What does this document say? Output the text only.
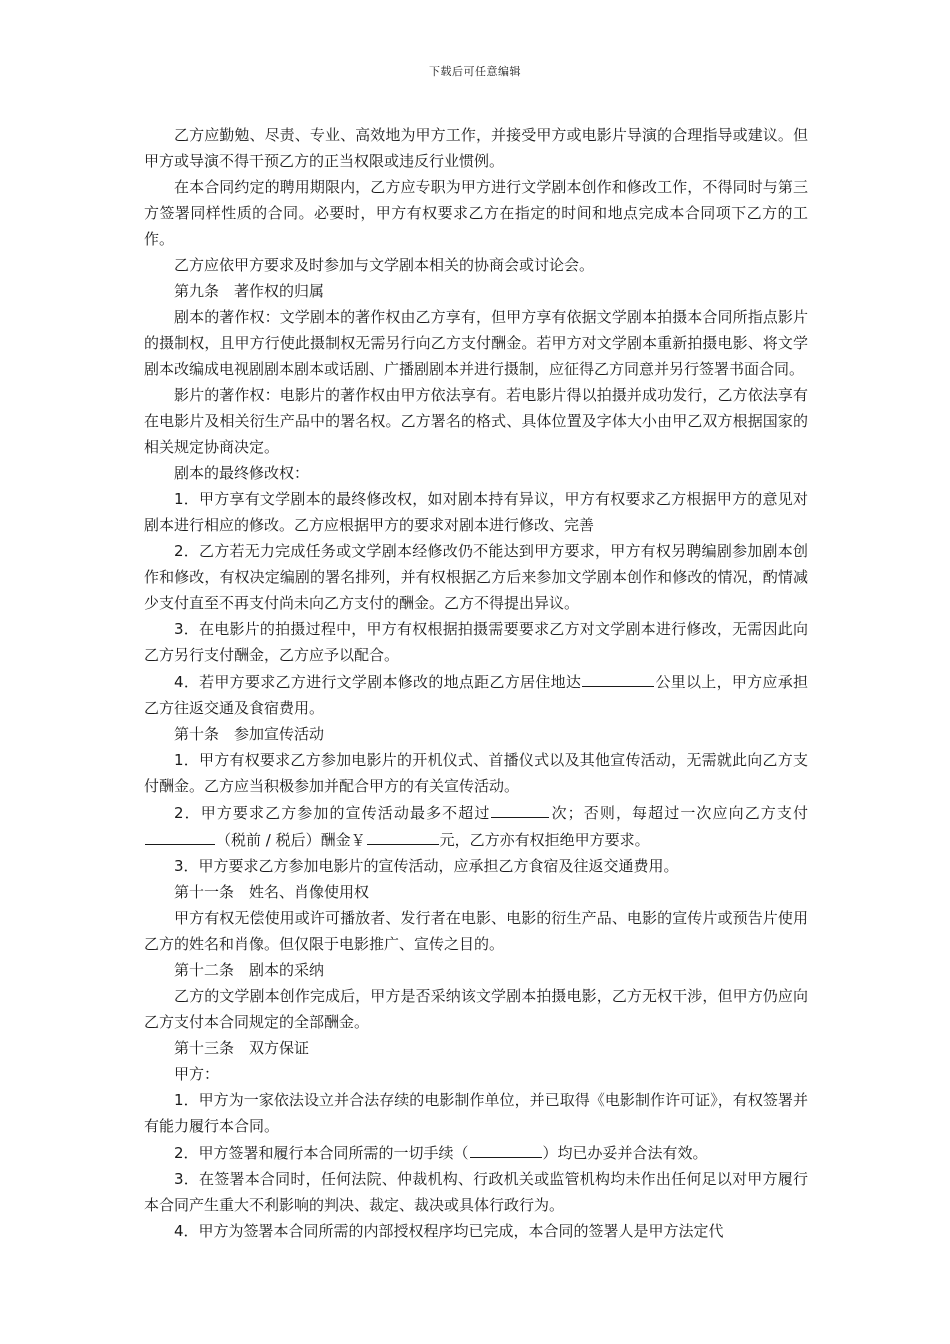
下载后可任意编辑

乙方应勤勉、尽责、专业、高效地为甲方工作，并接受甲方或电影片导演的合理指导或建议。但甲方或导演不得干预乙方的正当权限或违反行业惯例。

在本合同约定的聘用期限内，乙方应专职为甲方进行文学剧本创作和修改工作，不得同时与第三方签署同样性质的合同。必要时，甲方有权要求乙方在指定的时间和地点完成本合同项下乙方的工作。

乙方应依甲方要求及时参加与文学剧本相关的协商会或讨论会。

第九条　著作权的归属

剧本的著作权：文学剧本的著作权由乙方享有，但甲方享有依据文学剧本拍摄本合同所指点影片的摄制权，且甲方行使此摄制权无需另行向乙方支付酬金。若甲方对文学剧本重新拍摄电影、将文学剧本改编成电视剧剧本剧本或话剧、广播剧剧本并进行摄制，应征得乙方同意并另行签署书面合同。

影片的著作权：电影片的著作权由甲方依法享有。若电影片得以拍摄并成功发行，乙方依法享有在电影片及相关衍生产品中的署名权。乙方署名的格式、具体位置及字体大小由甲乙双方根据国家的相关规定协商决定。

剧本的最终修改权：

1．甲方享有文学剧本的最终修改权，如对剧本持有异议，甲方有权要求乙方根据甲方的意见对剧本进行相应的修改。乙方应根据甲方的要求对剧本进行修改、完善

2．乙方若无力完成任务或文学剧本经修改仍不能达到甲方要求，甲方有权另聘编剧参加剧本创作和修改，有权决定编剧的署名排列，并有权根据乙方后来参加文学剧本创作和修改的情况，酌情减少支付直至不再支付尚未向乙方支付的酬金。乙方不得提出异议。

3．在电影片的拍摄过程中，甲方有权根据拍摄需要要求乙方对文学剧本进行修改，无需因此向乙方另行支付酬金，乙方应予以配合。

4．若甲方要求乙方进行文学剧本修改的地点距乙方居住地达	公里以上，甲方应承担乙方往返交通及食宿费用。

第十条　参加宣传活动

1．甲方有权要求乙方参加电影片的开机仪式、首播仪式以及其他宣传活动，无需就此向乙方支付酬金。乙方应当积极参加并配合甲方的有关宣传活动。

2．甲方要求乙方参加的宣传活动最多不超过	次；否则，每超过一次应向乙方支付（税前 / 税后）酬金￥	元，乙方亦有权拒绝甲方要求。

3．甲方要求乙方参加电影片的宣传活动，应承担乙方食宿及往返交通费用。

第十一条　姓名、肖像使用权

甲方有权无偿使用或许可播放者、发行者在电影、电影的衍生产品、电影的宣传片或预告片使用乙方的姓名和肖像。但仅限于电影推广、宣传之目的。

第十二条　剧本的采纳

乙方的文学剧本创作完成后，甲方是否采纳该文学剧本拍摄电影，乙方无权干涉，但甲方仍应向乙方支付本合同规定的全部酬金。

第十三条　双方保证

甲方：

1．甲方为一家依法设立并合法存续的电影制作单位，并已取得《电影制作许可证》，有权签署并有能力履行本合同。

2．甲方签署和履行本合同所需的一切手续（	）均已办妥并合法有效。

3．在签署本合同时，任何法院、仲裁机构、行政机关或监管机构均未作出任何足以对甲方履行本合同产生重大不利影响的判决、裁定、裁决或具体行政行为。

4．甲方为签署本合同所需的内部授权程序均已完成，本合同的签署人是甲方法定代
